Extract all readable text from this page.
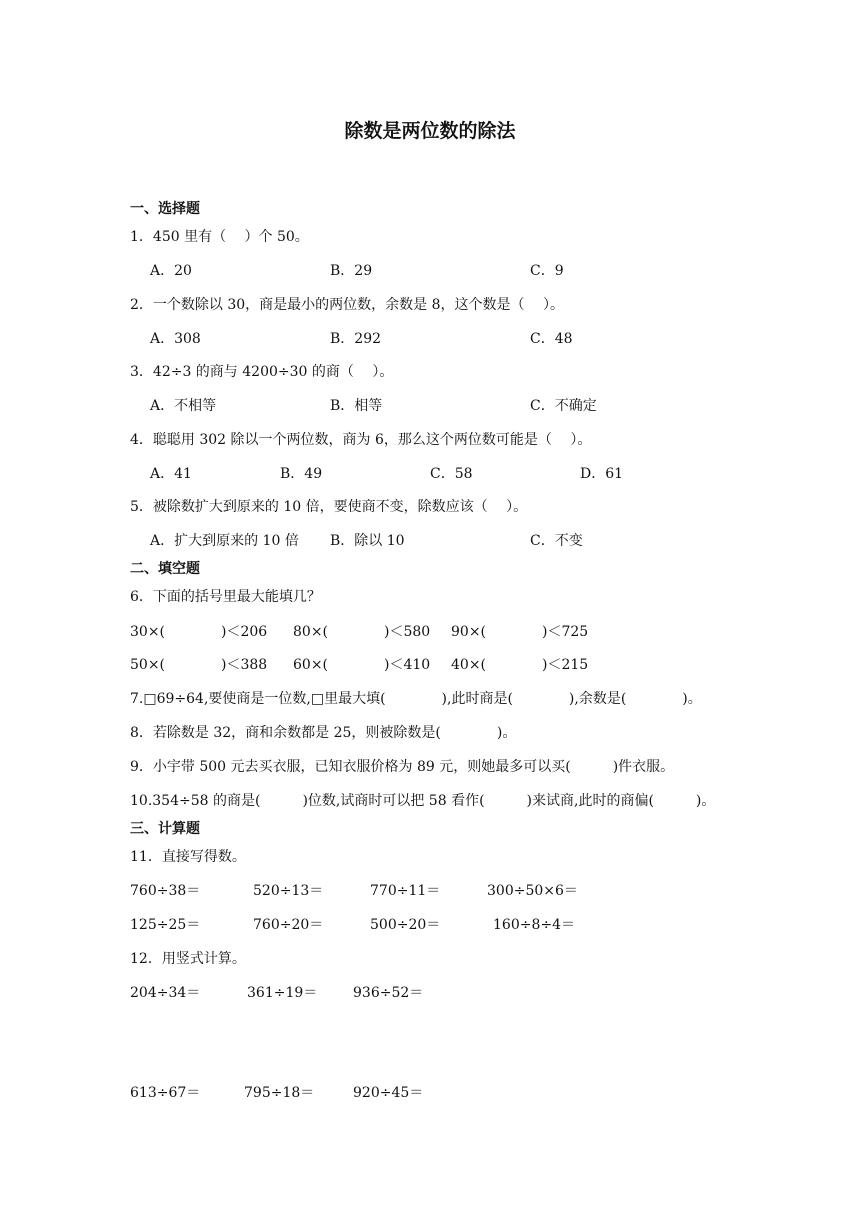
除数是两位数的除法
一、选择题
1．450 里有（　 ）个 50。
A．20	B．29	C．9
2．一个数除以 30，商是最小的两位数，余数是 8，这个数是（　 ）。
A．308	B．292	C．48
3．42÷3 的商与 4200÷30 的商（　 ）。
A．不相等	B．相等	C．不确定
4．聪聪用 302 除以一个两位数，商为 6，那么这个两位数可能是（　 ）。
A．41	B．49	C．58	D．61
5．被除数扩大到原来的 10 倍，要使商不变，除数应该（　 ）。
A．扩大到原来的 10 倍 B．除以 10	C．不变
二、填空题
6．下面的括号里最大能填几？
30×(　　　　)＜206 80×(　　　　)＜580 90×(　　　　)＜725
50×(　　　　)＜388 60×(　　　　)＜410 40×(　　　　)＜215
7.□69÷64,要使商是一位数,□里最大填(　　　　),此时商是(　　　　),余数是(　　　　)。
8．若除数是 32，商和余数都是 25，则被除数是(　　　　)。
9．小宇带 500 元去买衣服，已知衣服价格为 89 元，则她最多可以买(　　　)件衣服。
10.354÷58 的商是(　　　)位数,试商时可以把 58 看作(　　　)来试商,此时的商偏(　　　)。
三、计算题
11．直接写得数。
760÷38＝	520÷13＝	770÷11＝	300÷50×6＝
125÷25＝	760÷20＝	500÷20＝	160÷8÷4＝
12．用竖式计算。
204÷34＝	361÷19＝	936÷52＝
613÷67＝	795÷18＝	920÷45＝
